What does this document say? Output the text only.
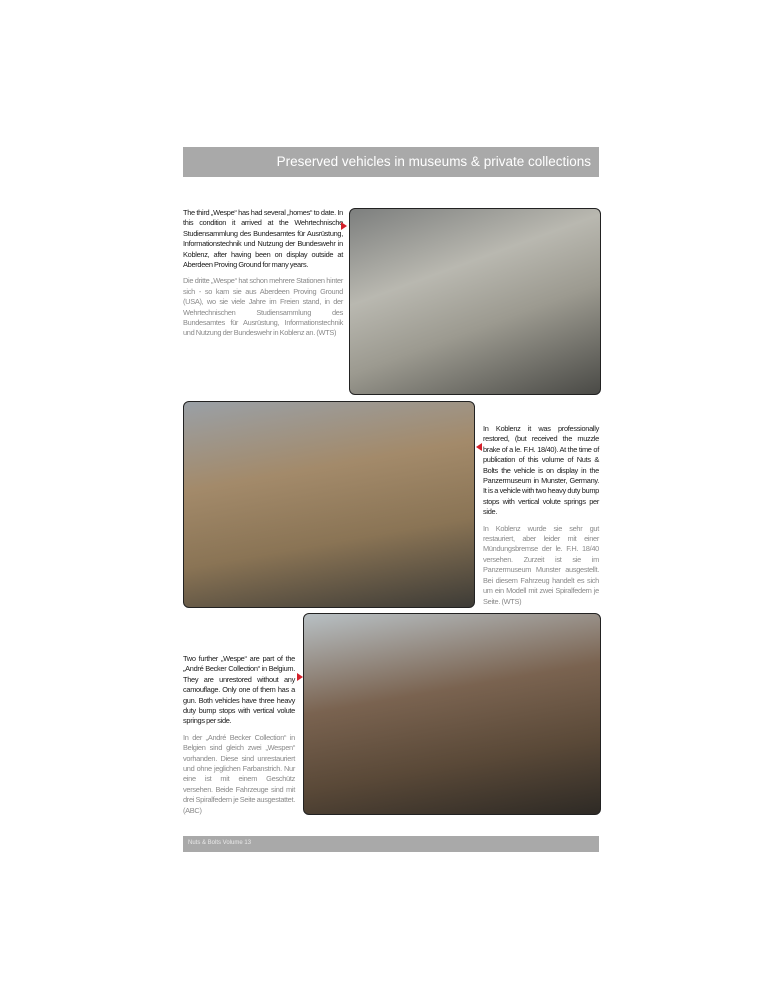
Preserved vehicles in museums & private collections
The third „Wespe“ has had several „homes“ to date. In this condition it arrived at the Wehrtechnische Studiensammlung des Bundesamtes für Ausrüstung, Informationstechnik und Nutzung der Bundeswehr in Koblenz, after having been on display outside at Aberdeen Proving Ground for many years.
Die dritte „Wespe“ hat schon mehrere Stationen hinter sich - so kam sie aus Aberdeen Proving Ground (USA), wo sie viele Jahre im Freien stand, in der Wehrtechnischen Studiensammlung des Bundesamtes für Ausrüstung, Informationstechnik und Nutzung der Bundeswehr in Koblenz an. (WTS)
In Koblenz it was professionally restored, (but received the muzzle brake of a le. F.H. 18/40). At the time of publication of this volume of Nuts & Bolts the vehicle is on display in the Panzermuseum in Munster, Germany. It is a vehicle with two heavy duty bump stops with vertical volute springs per side.
In Koblenz wurde sie sehr gut restauriert, aber leider mit einer Mündungsbremse der le. F.H. 18/40 versehen. Zurzeit ist sie im Panzermuseum Munster ausgestellt. Bei diesem Fahrzeug handelt es sich um ein Modell mit zwei Spiralfedern je Seite. (WTS)
Two further „Wespe“ are part of the „André Becker Collection“ in Belgium. They are unrestored without any camouflage. Only one of them has a gun. Both vehicles have three heavy duty bump stops with vertical volute springs per side.
In der „André Becker Collection“ in Belgien sind gleich zwei „Wespen“ vorhanden. Diese sind unrestauriert und ohne jeglichen Farbanstrich. Nur eine ist mit einem Geschütz versehen. Beide Fahrzeuge sind mit drei Spiralfedern je Seite ausgestattet. (ABC)
Nuts & Bolts Volume 13
